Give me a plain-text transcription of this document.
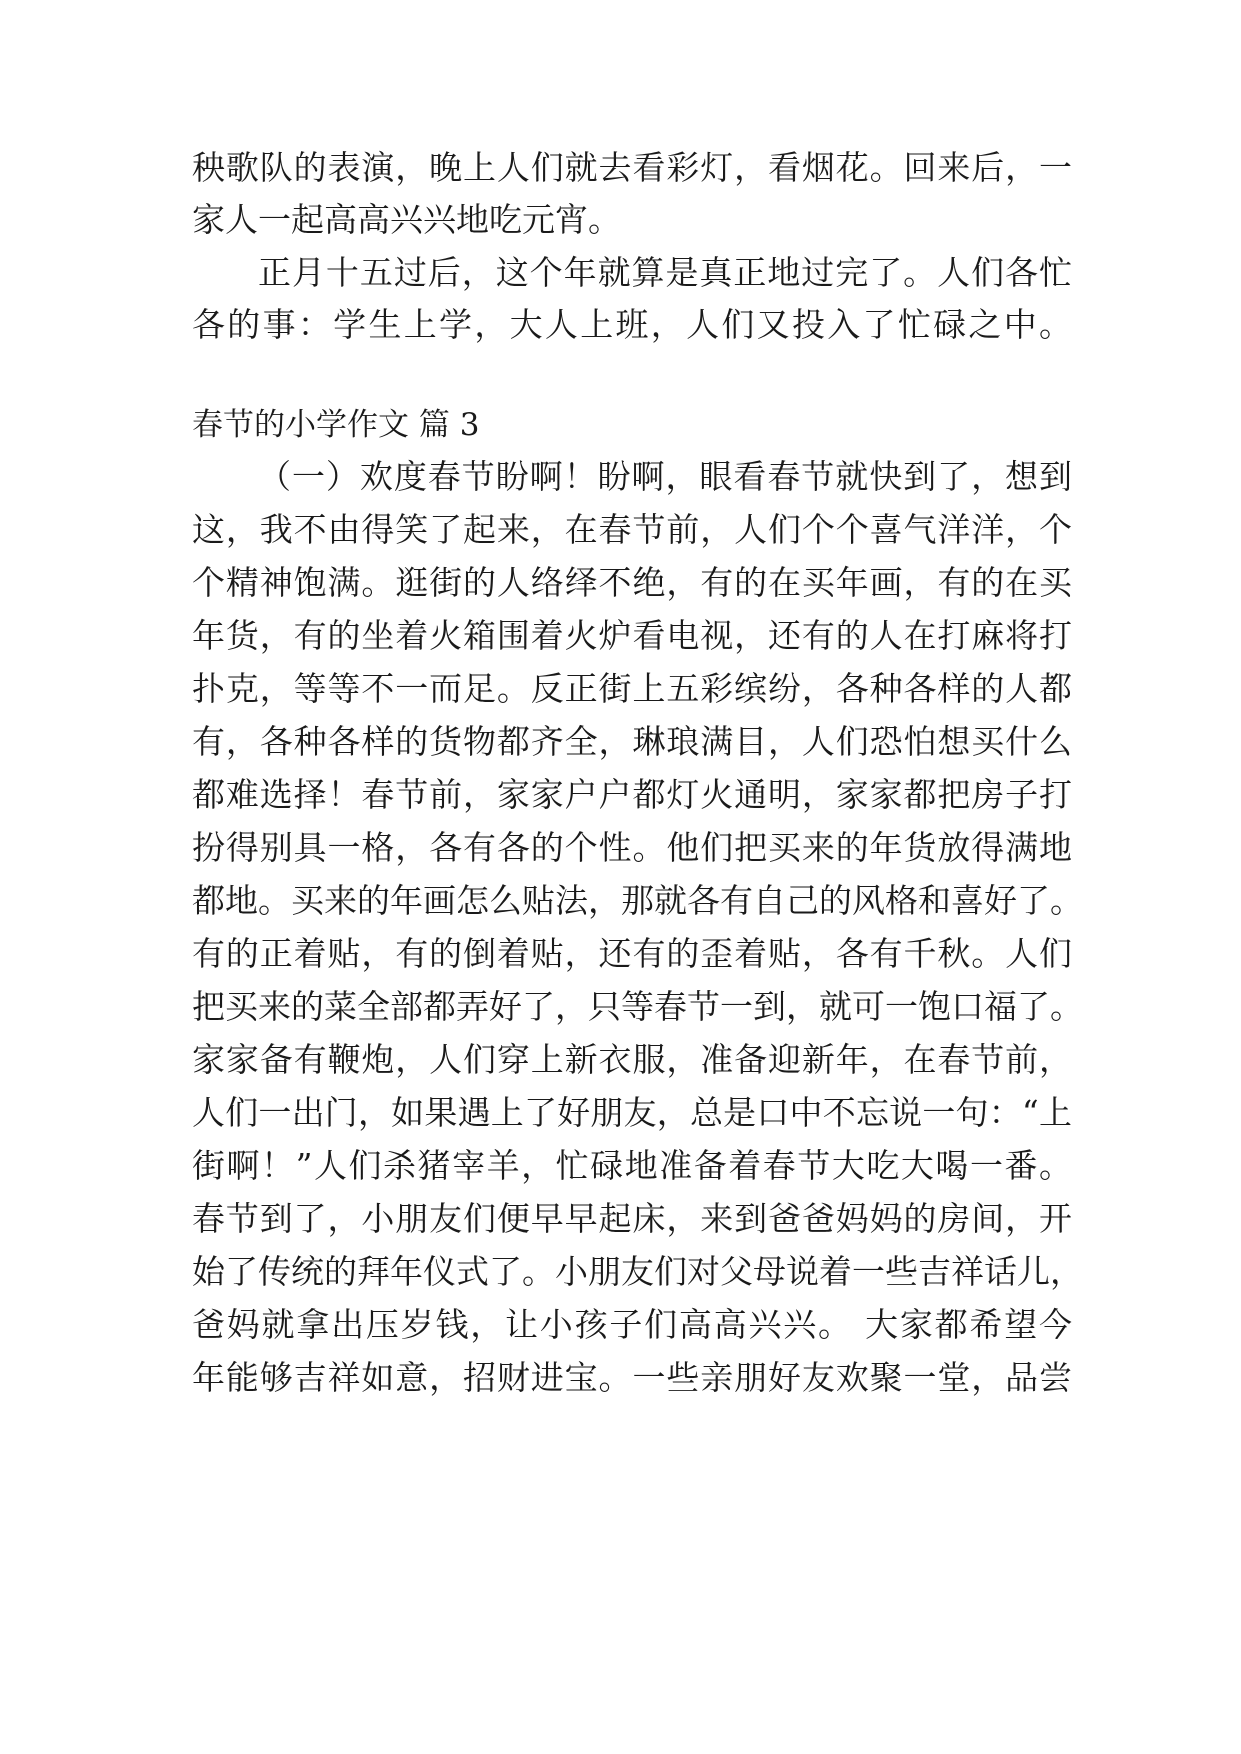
秧歌队的表演，晚上人们就去看彩灯，看烟花。回来后，一
家人一起高高兴兴地吃元宵。
正月十五过后，这个年就算是真正地过完了。人们各忙
各的事：学生上学，大人上班，人们又投入了忙碌之中。
春节的小学作文 篇 3
（一）欢度春节盼啊！盼啊，眼看春节就快到了，想到
这，我不由得笑了起来，在春节前，人们个个喜气洋洋，个
个精神饱满。逛街的人络绎不绝，有的在买年画，有的在买
年货，有的坐着火箱围着火炉看电视，还有的人在打麻将打
扑克，等等不一而足。反正街上五彩缤纷，各种各样的人都
有，各种各样的货物都齐全，琳琅满目，人们恐怕想买什么
都难选择！春节前，家家户户都灯火通明，家家都把房子打
扮得别具一格，各有各的个性。他们把买来的年货放得满地
都地。买来的年画怎么贴法，那就各有自己的风格和喜好了。
有的正着贴，有的倒着贴，还有的歪着贴，各有千秋。人们
把买来的菜全部都弄好了，只等春节一到，就可一饱口福了。
家家备有鞭炮，人们穿上新衣服，准备迎新年，在春节前，
人们一出门，如果遇上了好朋友，总是口中不忘说一句：“上
街啊！”人们杀猪宰羊，忙碌地准备着春节大吃大喝一番。
春节到了，小朋友们便早早起床，来到爸爸妈妈的房间，开
始了传统的拜年仪式了。小朋友们对父母说着一些吉祥话儿，
爸妈就拿出压岁钱，让小孩子们高高兴兴。 大家都希望今
年能够吉祥如意，招财进宝。一些亲朋好友欢聚一堂，品尝
